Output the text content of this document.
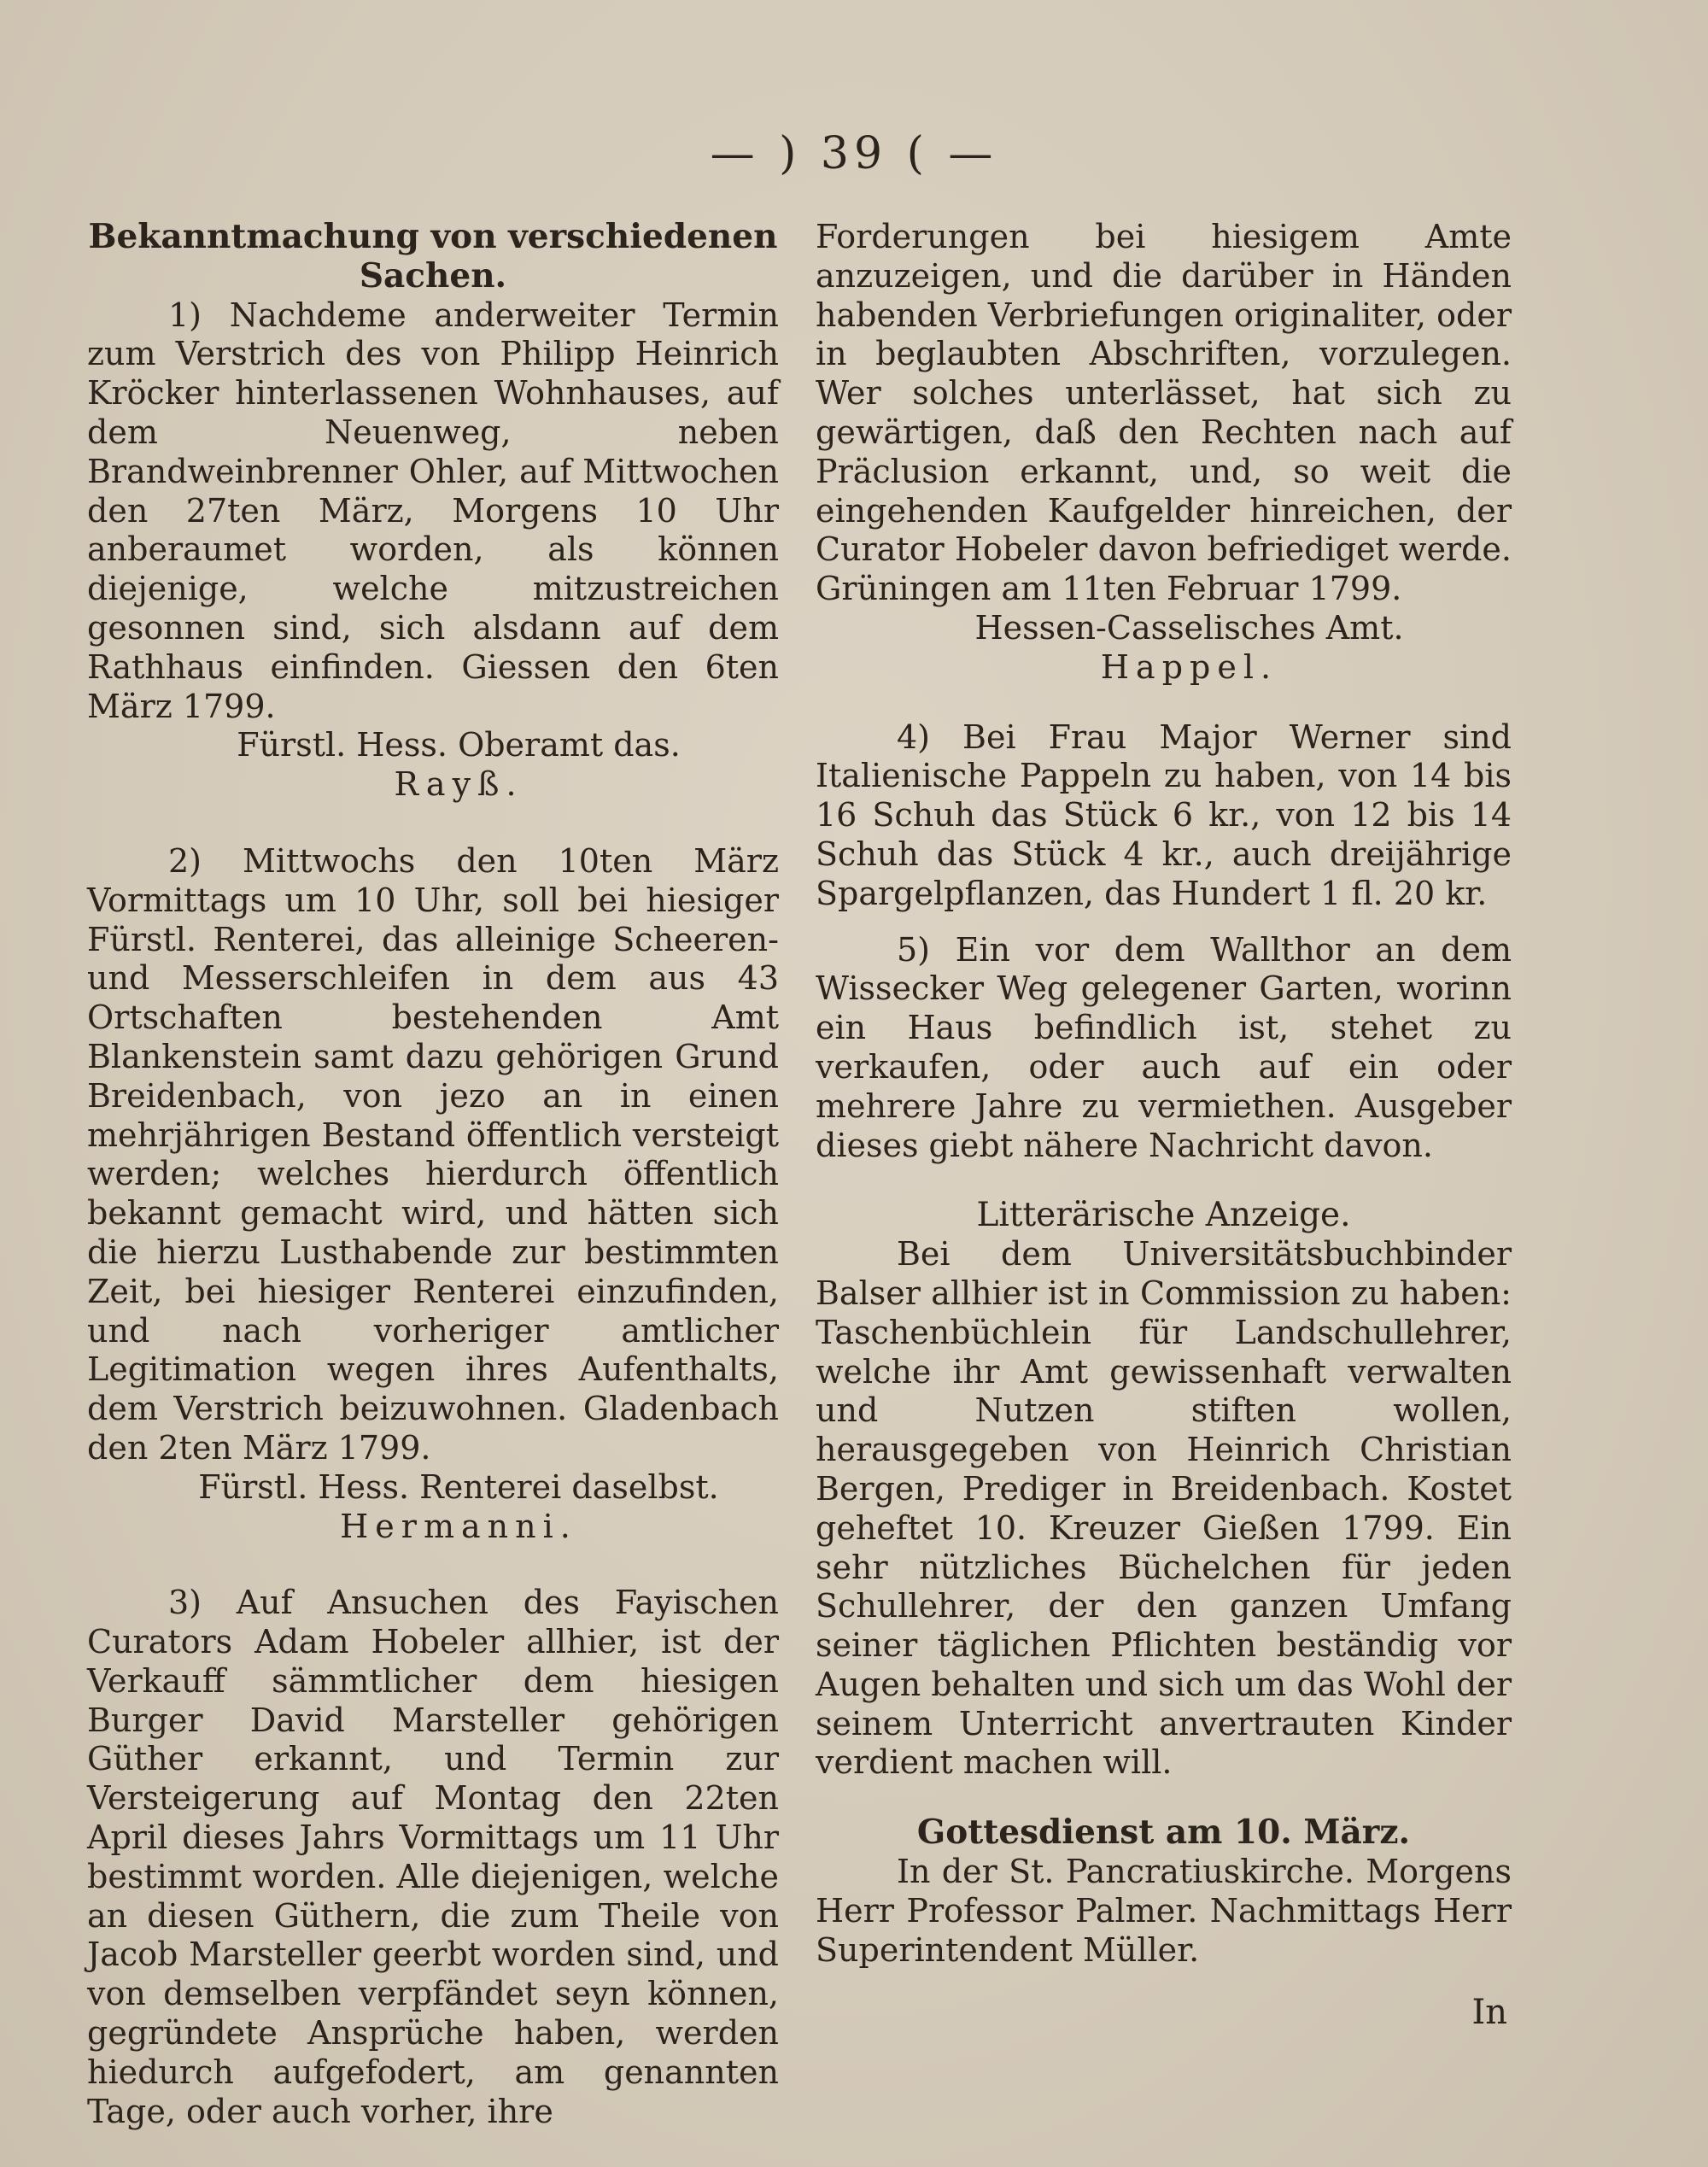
— ) 39 ( —

Bekanntmachung von verschiedenen Sachen.

1) Nachdeme anderweiter Termin zum Verstrich des von Philipp Heinrich Kröcker hinterlassenen Wohnhauses, auf dem Neuenweg, neben Brandweinbrenner Ohler, auf Mittwochen den 27ten März, Morgens 10 Uhr anberaumet worden, als können diejenige, welche mitzustreichen gesonnen sind, sich alsdann auf dem Rathhaus einfinden. Giessen den 6ten März 1799.

Fürstl. Hess. Oberamt das.

Rayß.

2) Mittwochs den 10ten März Vormittags um 10 Uhr, soll bei hiesiger Fürstl. Renterei, das alleinige Scheeren- und Messerschleifen in dem aus 43 Ortschaften bestehenden Amt Blankenstein samt dazu gehörigen Grund Breidenbach, von jezo an in einen mehrjährigen Bestand öffentlich versteigt werden; welches hierdurch öffentlich bekannt gemacht wird, und hätten sich die hierzu Lusthabende zur bestimmten Zeit, bei hiesiger Renterei einzufinden, und nach vorheriger amtlicher Legitimation wegen ihres Aufenthalts, dem Verstrich beizuwohnen. Gladenbach den 2ten März 1799.

Fürstl. Hess. Renterei daselbst.

Hermanni.

3) Auf Ansuchen des Fayischen Curators Adam Hobeler allhier, ist der Verkauff sämmtlicher dem hiesigen Burger David Marsteller gehörigen Güther erkannt, und Termin zur Versteigerung auf Montag den 22ten April dieses Jahrs Vormittags um 11 Uhr bestimmt worden. Alle diejenigen, welche an diesen Güthern, die zum Theile von Jacob Marsteller geerbt worden sind, und von demselben verpfändet seyn können, gegründete Ansprüche haben, werden hiedurch aufgefodert, am genannten Tage, oder auch vorher, ihre

Forderungen bei hiesigem Amte anzuzeigen, und die darüber in Händen habenden Verbriefungen originaliter, oder in beglaubten Abschriften, vorzulegen. Wer solches unterlässet, hat sich zu gewärtigen, daß den Rechten nach auf Präclusion erkannt, und, so weit die eingehenden Kaufgelder hinreichen, der Curator Hobeler davon befriediget werde. Grüningen am 11ten Februar 1799.

Hessen-Casselisches Amt.

Happel.

4) Bei Frau Major Werner sind Italienische Pappeln zu haben, von 14 bis 16 Schuh das Stück 6 kr., von 12 bis 14 Schuh das Stück 4 kr., auch dreijährige Spargelpflanzen, das Hundert 1 fl. 20 kr.

5) Ein vor dem Wallthor an dem Wissecker Weg gelegener Garten, worinn ein Haus befindlich ist, stehet zu verkaufen, oder auch auf ein oder mehrere Jahre zu vermiethen. Ausgeber dieses giebt nähere Nachricht davon.

Litterärische Anzeige.

Bei dem Universitätsbuchbinder Balser allhier ist in Commission zu haben: Taschenbüchlein für Landschullehrer, welche ihr Amt gewissenhaft verwalten und Nutzen stiften wollen, herausgegeben von Heinrich Christian Bergen, Prediger in Breidenbach. Kostet geheftet 10. Kreuzer Gießen 1799. Ein sehr nützliches Büchelchen für jeden Schullehrer, der den ganzen Umfang seiner täglichen Pflichten beständig vor Augen behalten und sich um das Wohl der seinem Unterricht anvertrauten Kinder verdient machen will.

Gottesdienst am 10. März.

In der St. Pancratiuskirche. Morgens Herr Professor Palmer. Nachmittags Herr Superintendent Müller.

In
